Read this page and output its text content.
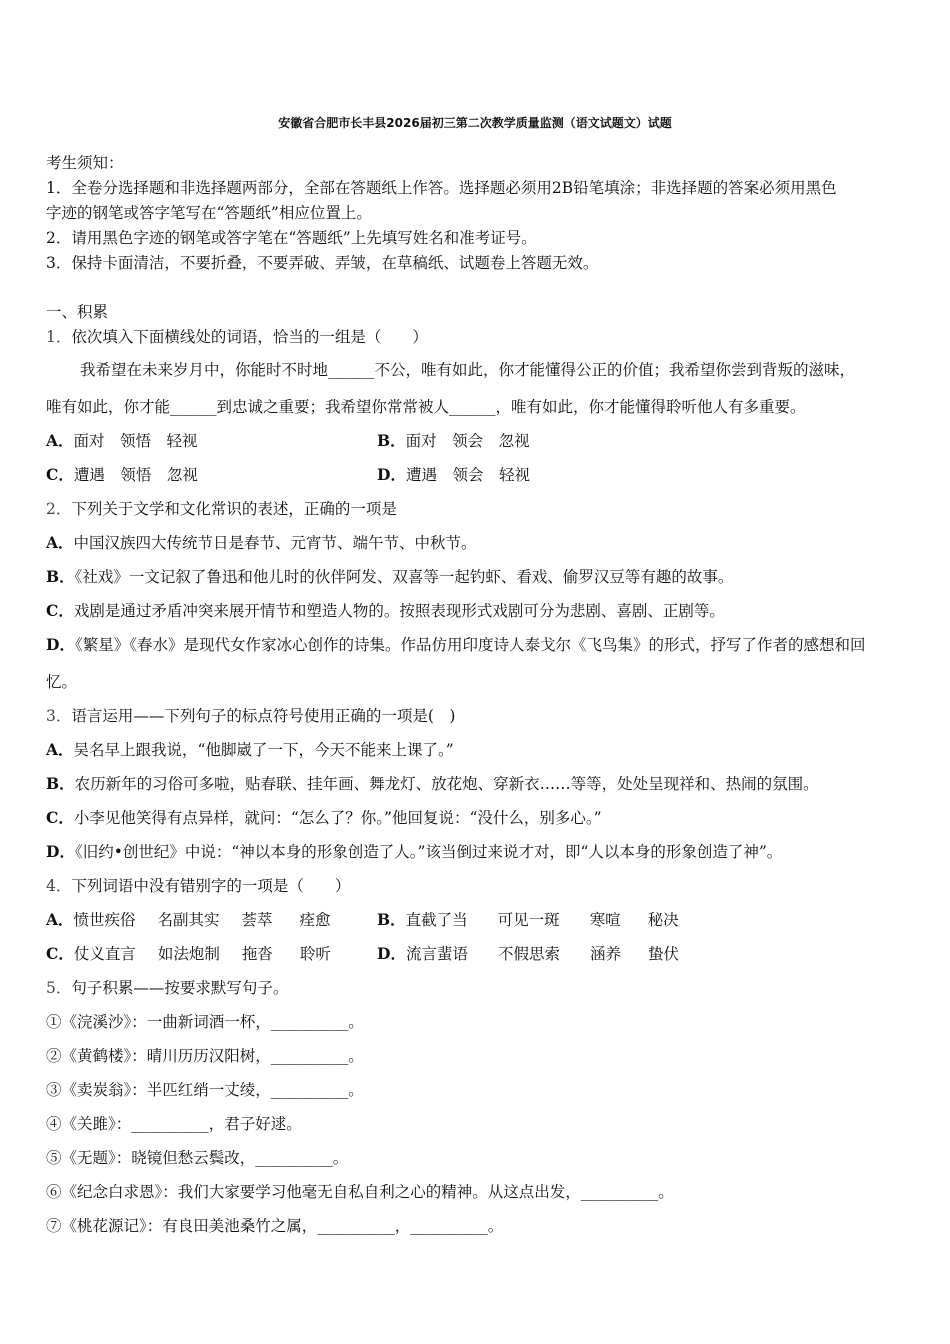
安徽省合肥市长丰县2026届初三第二次教学质量监测（语文试题文）试题
考生须知：
1．全卷分选择题和非选择题两部分，全部在答题纸上作答。选择题必须用2B铅笔填涂；非选择题的答案必须用黑色
字迹的钢笔或答字笔写在“答题纸”相应位置上。
2．请用黑色字迹的钢笔或答字笔在“答题纸”上先填写姓名和准考证号。
3．保持卡面清洁，不要折叠，不要弄破、弄皱，在草稿纸、试题卷上答题无效。
一、积累
1．依次填入下面横线处的词语，恰当的一组是（　　）
我希望在未来岁月中，你能时不时地______不公，唯有如此，你才能懂得公正的价值；我希望你尝到背叛的滋味，
唯有如此，你才能______到忠诚之重要；我希望你常常被人______，唯有如此，你才能懂得聆听他人有多重要。
A．面对　领悟　轻视	B．面对　领会　忽视
C．遭遇　领悟　忽视	D．遭遇　领会　轻视
2．下列关于文学和文化常识的表述，正确的一项是
A．中国汉族四大传统节日是春节、元宵节、端午节、中秋节。
B．《社戏》一文记叙了鲁迅和他儿时的伙伴阿发、双喜等一起钓虾、看戏、偷罗汉豆等有趣的故事。
C．戏剧是通过矛盾冲突来展开情节和塑造人物的。按照表现形式戏剧可分为悲剧、喜剧、正剧等。
D．《繁星》《春水》是现代女作家冰心创作的诗集。作品仿用印度诗人泰戈尔《飞鸟集》的形式，抒写了作者的感想和回
忆。
3．语言运用——下列句子的标点符号使用正确的一项是(　)
A．吴名早上跟我说，“他脚崴了一下，今天不能来上课了。”
B．农历新年的习俗可多啦，贴春联、挂年画、舞龙灯、放花炮、穿新衣……等等，处处呈现祥和、热闹的氛围。
C．小李见他笑得有点异样，就问：“怎么了？你。”他回复说：“没什么，别多心。”
D．《旧约•创世纪》中说：“神以本身的形象创造了人。”该当倒过来说才对，即“人以本身的形象创造了神”。
4．下列词语中没有错别字的一项是（　　）
A．愤世疾俗 名副其实 荟萃 痊愈	B．直截了当 可见一斑 寒喧 秘决
C．仗义直言 如法炮制 拖沓 聆听	D．流言蜚语 不假思索 涵养 蛰伏
5．句子积累——按要求默写句子。
①《浣溪沙》：一曲新词酒一杯，__________。
②《黄鹤楼》：晴川历历汉阳树，__________。
③《卖炭翁》：半匹红绡一丈绫，__________。
④《关雎》：__________，君子好逑。
⑤《无题》：晓镜但愁云鬓改，__________。
⑥《纪念白求恩》：我们大家要学习他毫无自私自利之心的精神。从这点出发，__________。
⑦《桃花源记》：有良田美池桑竹之属，__________，__________。
